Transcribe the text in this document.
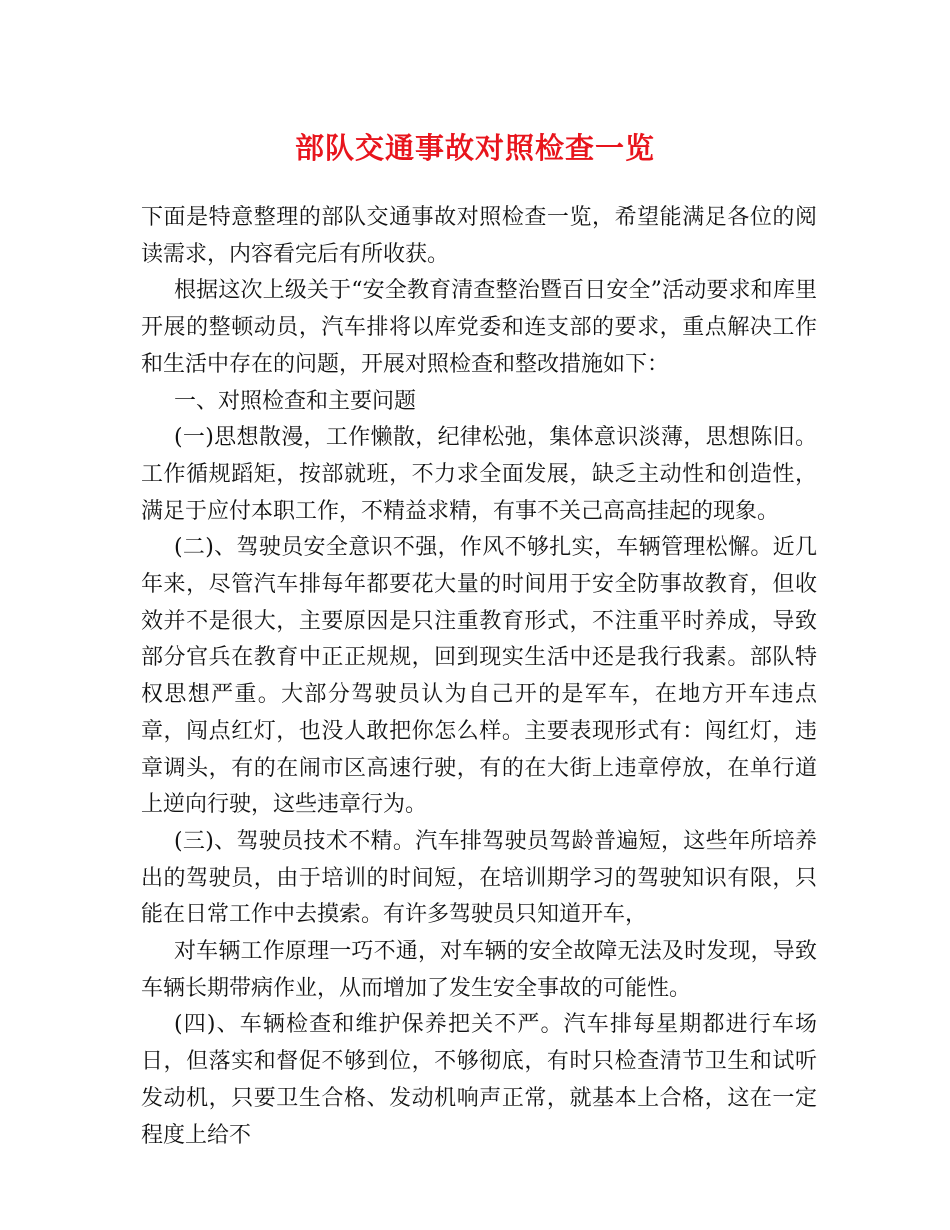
部队交通事故对照检查一览

下面是特意整理的部队交通事故对照检查一览，希望能满足各位的阅读需求，内容看完后有所收获。

根据这次上级关于“安全教育清查整治暨百日安全”活动要求和库里开展的整顿动员，汽车排将以库党委和连支部的要求，重点解决工作和生活中存在的问题，开展对照检查和整改措施如下：

一、对照检查和主要问题

(一)思想散漫，工作懒散，纪律松弛，集体意识淡薄，思想陈旧。工作循规蹈矩，按部就班，不力求全面发展，缺乏主动性和创造性，满足于应付本职工作，不精益求精，有事不关己高高挂起的现象。

(二)、驾驶员安全意识不强，作风不够扎实，车辆管理松懈。近几年来，尽管汽车排每年都要花大量的时间用于安全防事故教育，但收效并不是很大，主要原因是只注重教育形式，不注重平时养成，导致部分官兵在教育中正正规规，回到现实生活中还是我行我素。部队特权思想严重。大部分驾驶员认为自己开的是军车，在地方开车违点章，闯点红灯，也没人敢把你怎么样。主要表现形式有：闯红灯，违章调头，有的在闹市区高速行驶，有的在大街上违章停放，在单行道上逆向行驶，这些违章行为。

(三)、驾驶员技术不精。汽车排驾驶员驾龄普遍短，这些年所培养出的驾驶员，由于培训的时间短，在培训期学习的驾驶知识有限，只能在日常工作中去摸索。有许多驾驶员只知道开车，

对车辆工作原理一巧不通，对车辆的安全故障无法及时发现，导致车辆长期带病作业，从而增加了发生安全事故的可能性。

(四)、车辆检查和维护保养把关不严。汽车排每星期都进行车场日，但落实和督促不够到位，不够彻底，有时只检查清节卫生和试听发动机，只要卫生合格、发动机响声正常，就基本上合格，这在一定程度上给不
